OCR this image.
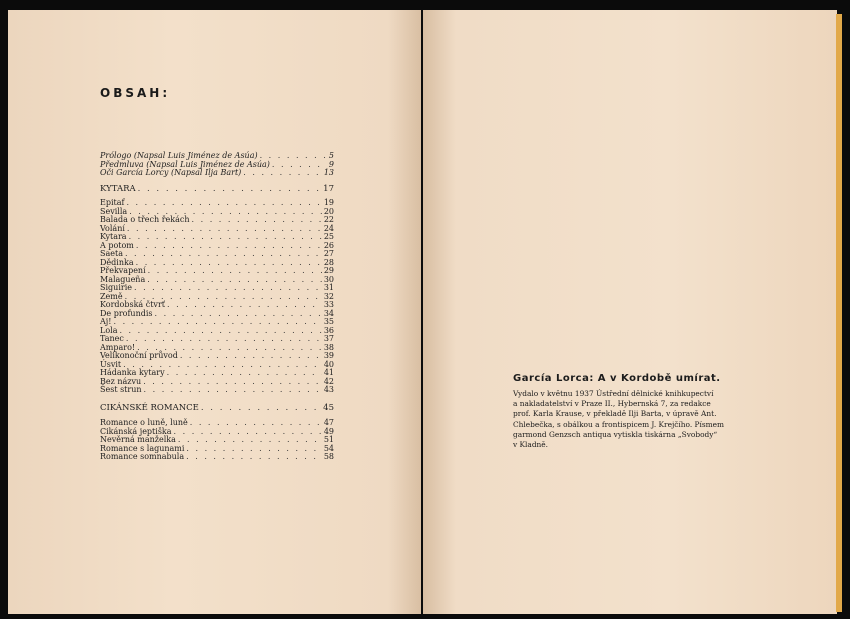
OBSAH:
Prólogo (Napsal Luis Jiménez de Asúa) . . .	5
Předmluva (Napsal Luis Jiménez de Asúa) . . .	9
Oči García Lorcy (Napsal Ilja Bart) . . .	13
KYTARA . . .	17
Epitaf . . .	19
Sevilla . . .	20
Balada o třech řekách . . .	22
Volání . . .	24
Kytara . . .	25
A potom . . .	26
Saeta . . .	27
Dědinka . . .	28
Překvapení . . .	29
Malagueña . . .	30
Siguirie . . .	31
Země . . .	32
Kordobská čtvrť . . .	33
De profundis . . .	34
Aj! . . .	35
Lola . . .	36
Tanec . . .	37
Amparo! . . .	38
Velikonoční průvod . . .	39
Úsvit . . .	40
Hádanka kytary . . .	41
Bez názvu . . .	42
Šest strun . . .	43
CIKÁNSKÉ ROMANCE . . .	45
Romance o luně, luně . . .	47
Cikánská jeptiška . . .	49
Nevěrná manželka . . .	51
Romance s lagunami . . .	54
Romance somnabula . . .	58
García Lorca: A v Kordobě umírat.
Vydalo v květnu 1937 Ústřední dělnické knihkupectví
a nakladatelství v Praze II., Hybernská 7, za redakce
prof. Karla Krause, v překladě Ilji Barta, v úpravě Ant.
Chlebečka, s obálkou a frontispicem J. Krejčího. Písmem
garmond Genzsch antiqua vytiskla tiskárna „Svobody“
v Kladně.
